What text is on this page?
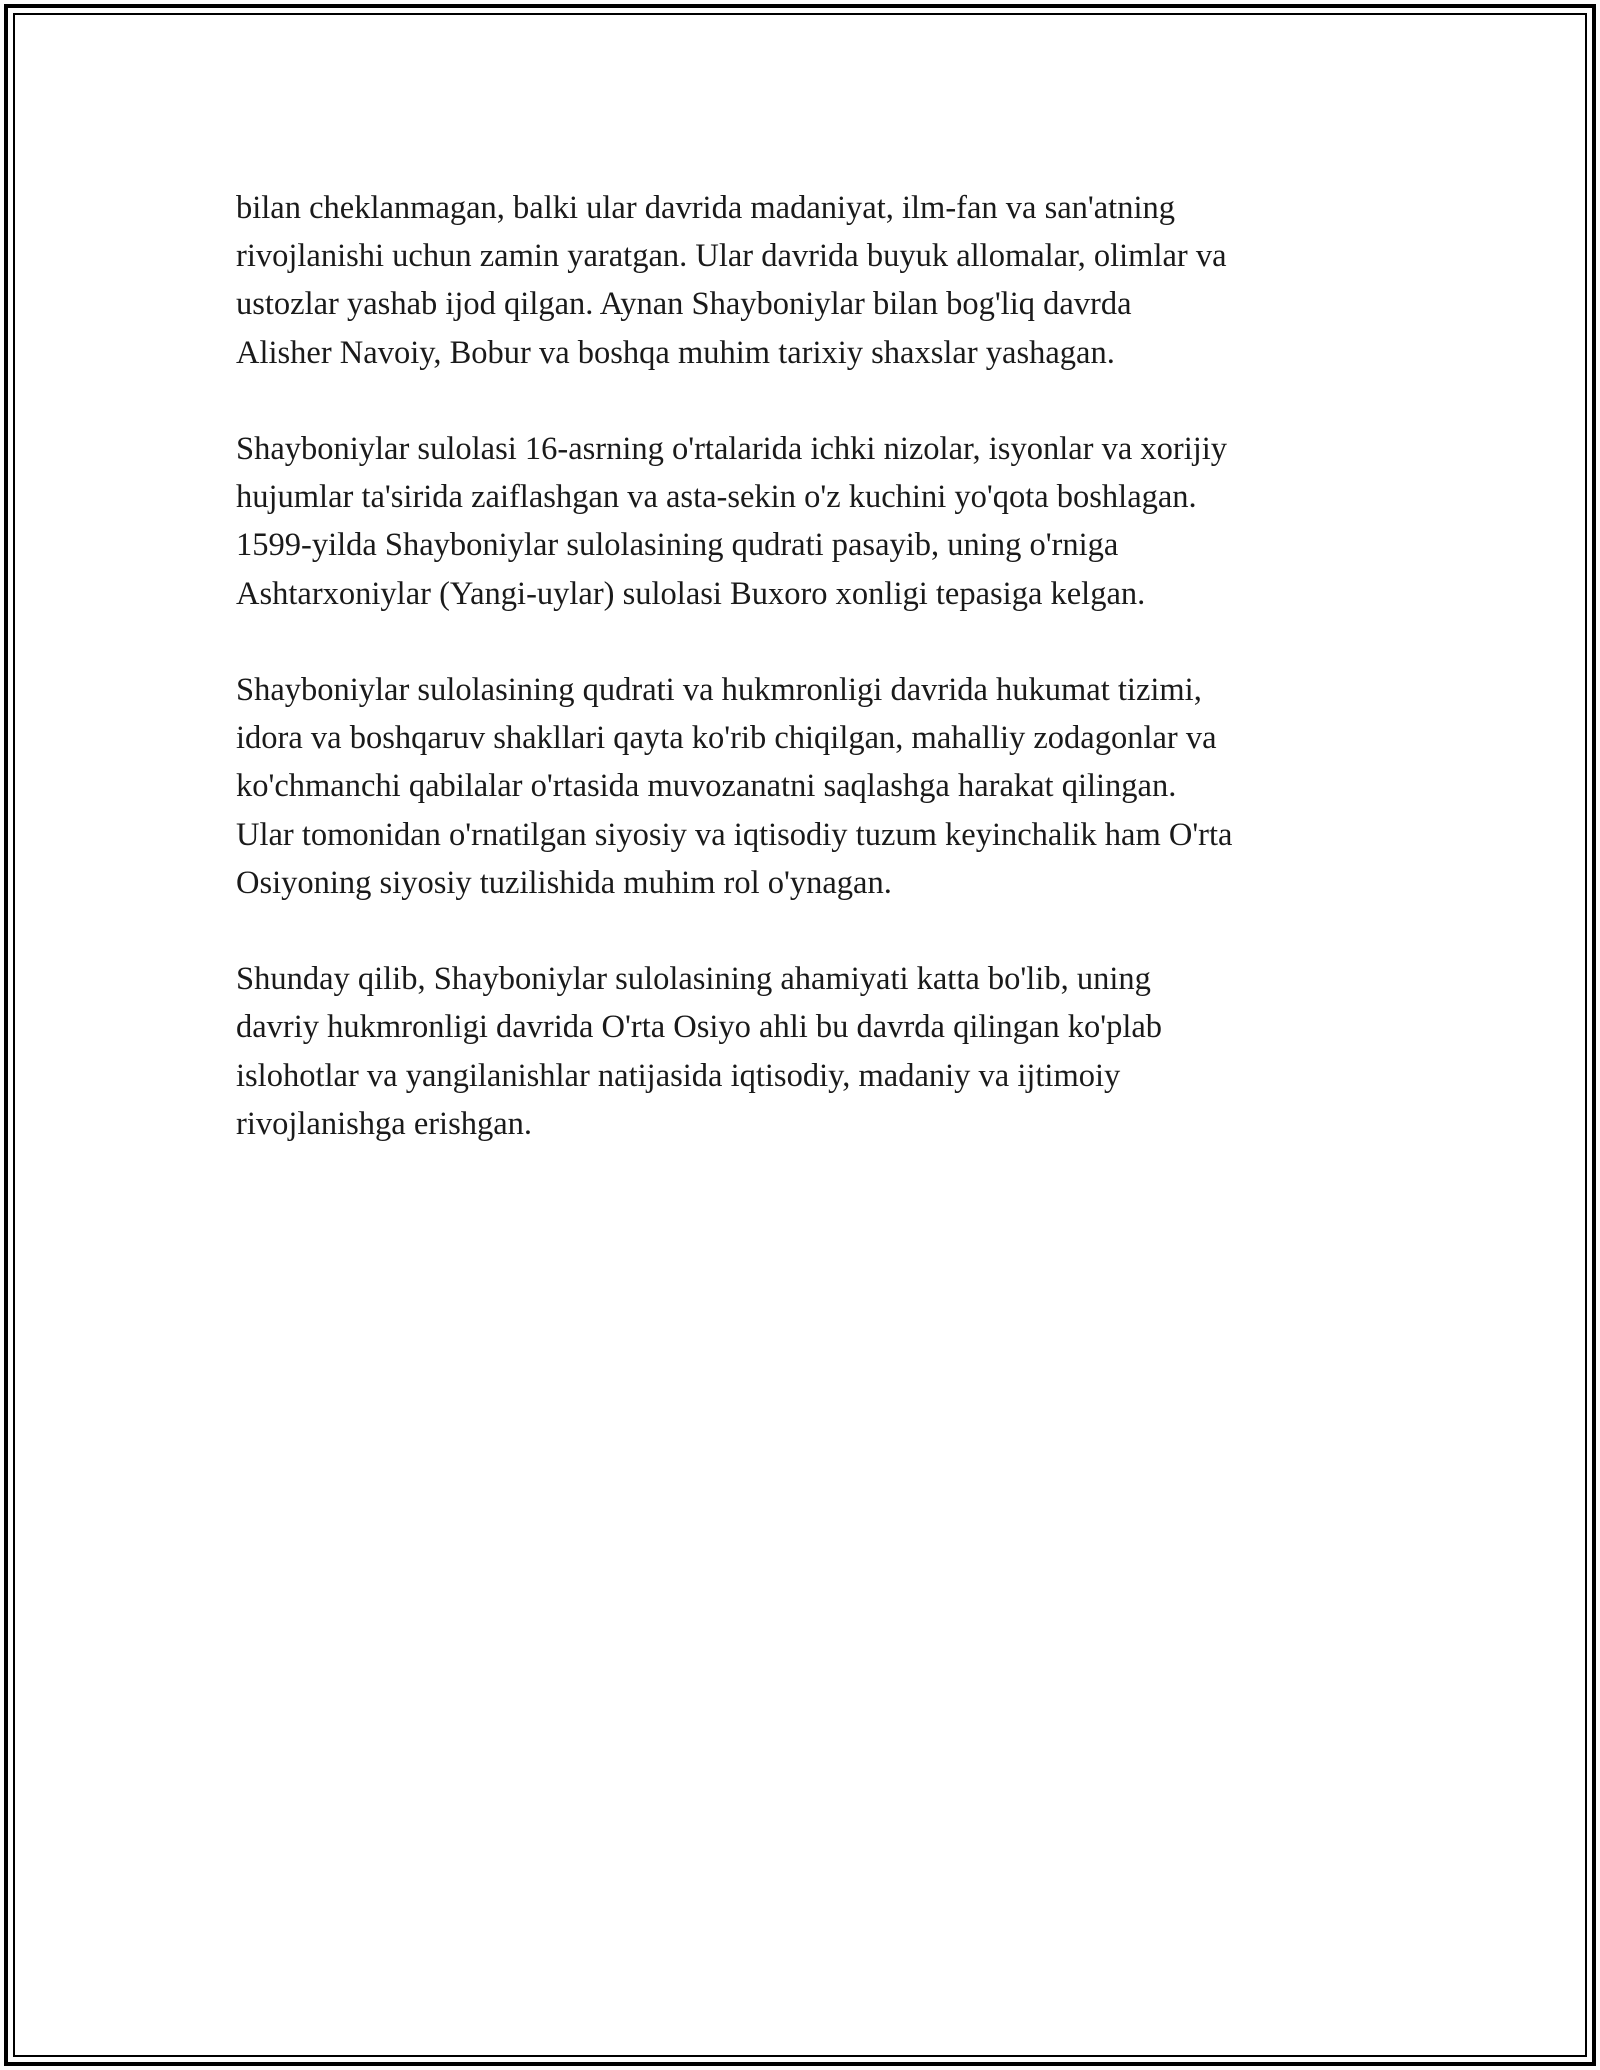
bilan cheklanmagan, balki ular davrida madaniyat, ilm-fan va san'atning
rivojlanishi uchun zamin yaratgan. Ular davrida buyuk allomalar, olimlar va
ustozlar yashab ijod qilgan. Aynan Shayboniylar bilan bog'liq davrda
Alisher Navoiy, Bobur va boshqa muhim tarixiy shaxslar yashagan.

Shayboniylar sulolasi 16-asrning o'rtalarida ichki nizolar, isyonlar va xorijiy
hujumlar ta'sirida zaiflashgan va asta-sekin o'z kuchini yo'qota boshlagan.
1599-yilda Shayboniylar sulolasining qudrati pasayib, uning o'rniga
Ashtarxoniylar (Yangi-uylar) sulolasi Buxoro xonligi tepasiga kelgan.

Shayboniylar sulolasining qudrati va hukmronligi davrida hukumat tizimi,
idora va boshqaruv shakllari qayta ko'rib chiqilgan, mahalliy zodagonlar va
ko'chmanchi qabilalar o'rtasida muvozanatni saqlashga harakat qilingan.
Ular tomonidan o'rnatilgan siyosiy va iqtisodiy tuzum keyinchalik ham O'rta
Osiyoning siyosiy tuzilishida muhim rol o'ynagan.

Shunday qilib, Shayboniylar sulolasining ahamiyati katta bo'lib, uning
davriy hukmronligi davrida O'rta Osiyo ahli bu davrda qilingan ko'plab
islohotlar va yangilanishlar natijasida iqtisodiy, madaniy va ijtimoiy
rivojlanishga erishgan.
